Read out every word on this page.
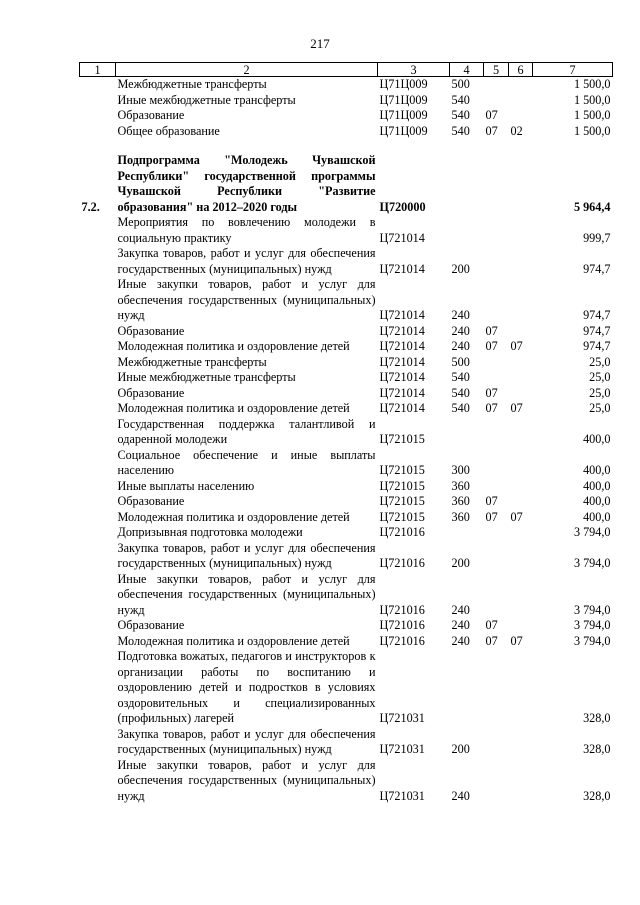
217
1	2	3	4	5	6	7
	Межбюджетные трансферты	Ц71Ц009	500			1 500,0
	Иные межбюджетные трансферты	Ц71Ц009	540			1 500,0
	Образование	Ц71Ц009	540	07		1 500,0
	Общее образование	Ц71Ц009	540	07	02	1 500,0

7.2.	Подпрограмма "Молодежь Чувашской Республики" государственной программы Чувашской Республики "Развитие образования" на 2012–2020 годы	Ц720000				5 964,4
	Мероприятия по вовлечению молодежи в социальную практику	Ц721014				999,7
	Закупка товаров, работ и услуг для обеспечения государственных (муниципальных) нужд	Ц721014	200			974,7
	Иные закупки товаров, работ и услуг для обеспечения государственных (муниципальных) нужд	Ц721014	240			974,7
	Образование	Ц721014	240	07		974,7
	Молодежная политика и оздоровление детей	Ц721014	240	07	07	974,7
	Межбюджетные трансферты	Ц721014	500			25,0
	Иные межбюджетные трансферты	Ц721014	540			25,0
	Образование	Ц721014	540	07		25,0
	Молодежная политика и оздоровление детей	Ц721014	540	07	07	25,0
	Государственная поддержка талантливой и одаренной молодежи	Ц721015				400,0
	Социальное обеспечение и иные выплаты населению	Ц721015	300			400,0
	Иные выплаты населению	Ц721015	360			400,0
	Образование	Ц721015	360	07		400,0
	Молодежная политика и оздоровление детей	Ц721015	360	07	07	400,0
	Допризывная подготовка молодежи	Ц721016				3 794,0
	Закупка товаров, работ и услуг для обеспечения государственных (муниципальных) нужд	Ц721016	200			3 794,0
	Иные закупки товаров, работ и услуг для обеспечения государственных (муниципальных) нужд	Ц721016	240			3 794,0
	Образование	Ц721016	240	07		3 794,0
	Молодежная политика и оздоровление детей	Ц721016	240	07	07	3 794,0
	Подготовка вожатых, педагогов и инструкторов к организации работы по воспитанию и оздоровлению детей и подростков в условиях оздоровительных и специализированных (профильных) лагерей	Ц721031				328,0
	Закупка товаров, работ и услуг для обеспечения государственных (муниципальных) нужд	Ц721031	200			328,0
	Иные закупки товаров, работ и услуг для обеспечения государственных (муниципальных) нужд	Ц721031	240			328,0
